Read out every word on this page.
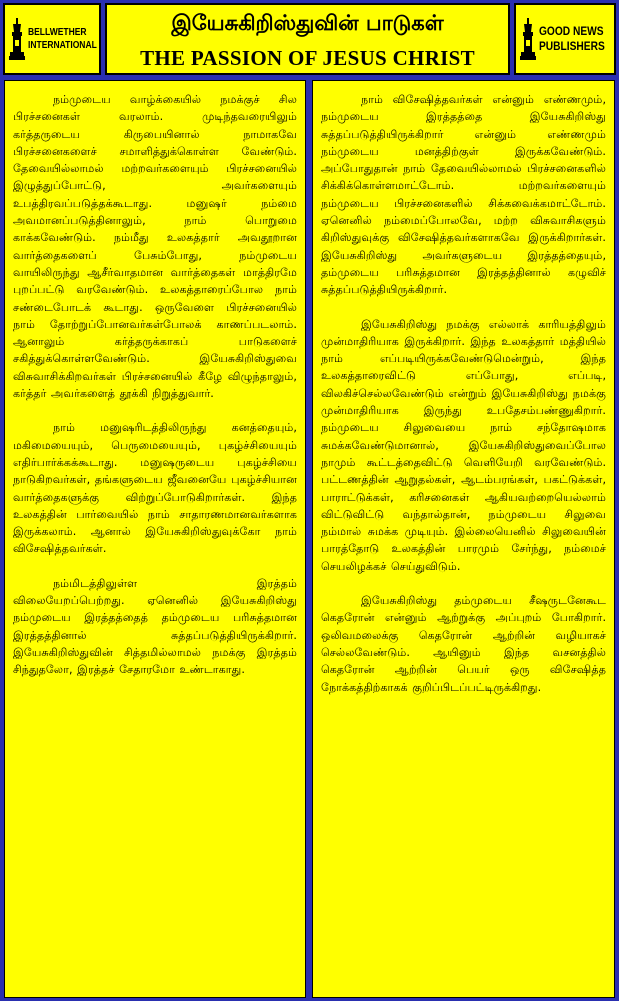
BELLWETHER
INTERNATIONAL
இயேசுகிறிஸ்துவின் பாடுகள்
THE PASSION OF JESUS CHRIST
GOOD NEWS
PUBLISHERS

நம்முடைய வாழ்க்கையில் நமக்குச் சில பிரச்சனைகள் வரலாம். முடிந்தவரையிலும் கர்த்தருடைய கிருபையினால் நாமாகவே பிரச்சனைகளைச் சமாளித்துக்கொள்ள வேண்டும். தேவையில்லாமல் மற்றவர்களையும் பிரச்சனையில் இழுத்துப்போட்டு, அவர்களையும் உபத்திரவப்படுத்தக்கூடாது. மனுஷர் நம்மை அவமானப்படுத்தினாலும், நாம் பொறுமை காக்கவேண்டும். நம்மீது உலகத்தார் அவதூறான வார்த்தைகளைப் பேசும்போது, நம்முடைய வாயிலிருந்து ஆசீர்வாதமான வார்த்தைகள் மாத்திரமே புறப்பட்டு வரவேண்டும். உலகத்தாரைப்போல நாம் சண்டைபோடக் கூடாது. ஒருவேளை பிரச்சனையில் நாம் தோற்றுப்போனவர்கள்போலக் காணப்படலாம். ஆனாலும் கர்த்தருக்காகப் பாடுகளைச் சகித்துக்கொள்ளவேண்டும். இயேசுகிறிஸ்துவை விசுவாசிக்கிறவர்கள் பிரச்சனையில் கீழே விழுந்தாலும், கர்த்தர் அவர்களைத் தூக்கி நிறுத்துவார்.

நாம் மனுஷரிடத்திலிருந்து கனத்தையும், மகிமையையும், பெருமையையும், புகழ்ச்சியையும் எதிர்பார்க்கக்கூடாது. மனுஷருடைய புகழ்ச்சியை நாடுகிறவர்கள், தங்களுடைய ஜீவனையே புகழ்ச்சியான வார்த்தைகளுக்கு விற்றுப்போடுகிறார்கள். இந்த உலகத்தின் பார்வையில் நாம் சாதாரணமானவர்களாக இருக்கலாம். ஆனால் இயேசுகிறிஸ்துவுக்கோ நாம் விசேஷித்தவர்கள்.

நம்மிடத்திலுள்ள இரத்தம் விலையேறப்பெற்றது. ஏனெனில் இயேசுகிறிஸ்து நம்முடைய இரத்தத்தைத் தம்முடைய பரிசுத்தமான இரத்தத்தினால் சுத்தப்படுத்தியிருக்கிறார். இயேசுகிறிஸ்துவின் சித்தமில்லாமல் நமக்கு இரத்தம் சிந்துதலோ, இரத்தச் சேதாரமோ உண்டாகாது.

நாம் விசேஷித்தவர்கள் என்னும் எண்ணமும், நம்முடைய இரத்தத்தை இயேசுகிறிஸ்து சுத்தப்படுத்தியிருக்கிறார் என்னும் எண்ணமும் நம்முடைய மனத்திற்குள் இருக்கவேண்டும். அப்போதுதான் நாம் தேவையில்லாமல் பிரச்சனைகளில் சிக்கிக்கொள்ளமாட்டோம். மற்றவர்களையும் நம்முடைய பிரச்சனைகளில் சிக்கவைக்கமாட்டோம். ஏனெனில் நம்மைப்போலவே, மற்ற விசுவாசிகளும் கிறிஸ்துவுக்கு விசேஷித்தவர்களாகவே இருக்கிறார்கள். இயேசுகிறிஸ்து அவர்களுடைய இரத்தத்தையும், தம்முடைய பரிசுத்தமான இரத்தத்தினால் கழுவிச் சுத்தப்படுத்தியிருக்கிறார்.

இயேசுகிறிஸ்து நமக்கு எல்லாக் காரியத்திலும் முன்மாதிரியாக இருக்கிறார். இந்த உலகத்தார் மத்தியில் நாம் எப்படியிருக்கவேண்டுமென்றும், இந்த உலகத்தாரைவிட்டு எப்போது, எப்படி, விலகிச்செல்லவேண்டும் என்றும் இயேசுகிறிஸ்து நமக்கு முன்மாதிரியாக இருந்து உபதேசம்பண்ணுகிறார். நம்முடைய சிலுவையை நாம் சந்தோஷமாக சுமக்கவேண்டுமானால், இயேசுகிறிஸ்துவைப்போல நாமும் கூட்டத்தைவிட்டு வெளியேறி வரவேண்டும். பட்டணத்தின் ஆறுதல்கள், ஆடம்பரங்கள், பகட்டுக்கள், பாராட்டுக்கள், கரிசனைகள் ஆகியவற்றையெல்லாம் விட்டுவிட்டு வந்தால்தான், நம்முடைய சிலுவை நம்மால் சுமக்க முடியும். இல்லையெனில் சிலுவையின் பாரத்தோடு உலகத்தின் பாரமும் சேர்ந்து, நம்மைச் செயலிழக்கச் செய்துவிடும்.

இயேசுகிறிஸ்து தம்முடைய சீஷருடனேகூட கெதரோன் என்னும் ஆற்றுக்கு அப்புறம் போகிறார். ஒலிவமலைக்கு கெதரோன் ஆற்றின் வழியாகச் செல்லவேண்டும். ஆயினும் இந்த வசனத்தில் கெதரோன் ஆற்றின் பெயர் ஒரு விசேஷித்த நோக்கத்திற்காகக் குறிப்பிடப்பட்டிருக்கிறது.
